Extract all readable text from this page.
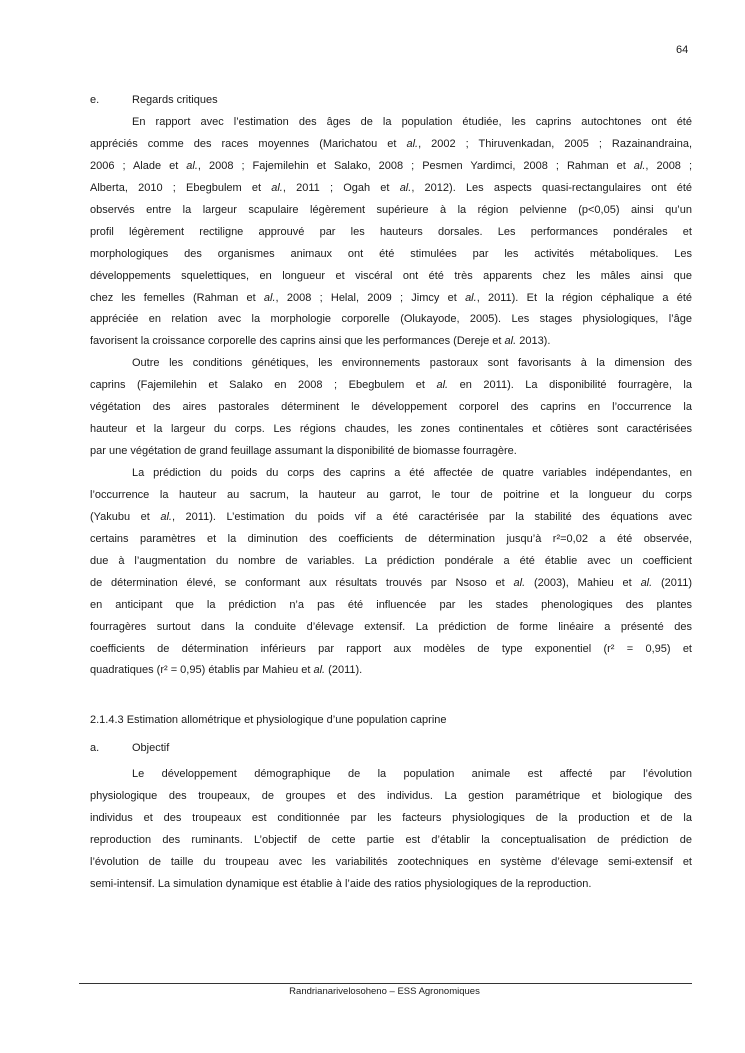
64
e.	Regards critiques
En rapport avec l’estimation des âges de la population étudiée, les caprins autochtones ont été
appréciés comme des races moyennes (Marichatou et al., 2002 ; Thiruvenkadan, 2005 ; Razainandraina,
2006 ; Alade et al., 2008 ; Fajemilehin et Salako, 2008 ; Pesmen Yardimci, 2008 ; Rahman et al., 2008 ;
Alberta, 2010 ; Ebegbulem et al., 2011 ; Ogah et al., 2012). Les aspects quasi-rectangulaires ont été
observés entre la largeur scapulaire légèrement supérieure à la région pelvienne (p<0,05) ainsi qu’un
profil légèrement rectiligne approuvé par les hauteurs dorsales. Les performances pondérales et
morphologiques des organismes animaux ont été stimulées par les activités métaboliques. Les
développements squelettiques, en longueur et viscéral ont été très apparents chez les mâles ainsi que
chez les femelles (Rahman et al., 2008 ; Helal, 2009 ; Jimcy et al., 2011). Et la région céphalique a été
appréciée en relation avec la morphologie corporelle (Olukayode, 2005). Les stages physiologiques, l’âge
favorisent la croissance corporelle des caprins ainsi que les performances (Dereje et al. 2013).
Outre les conditions génétiques, les environnements pastoraux sont favorisants à la dimension des
caprins (Fajemilehin et Salako en 2008 ; Ebegbulem et al. en 2011). La disponibilité fourragère, la
végétation des aires pastorales déterminent le développement corporel des caprins en l’occurrence la
hauteur et la largeur du corps. Les régions chaudes, les zones continentales et côtières sont caractérisées
par une végétation de grand feuillage assumant la disponibilité de biomasse fourragère.
La prédiction du poids du corps des caprins a été affectée de quatre variables indépendantes, en
l’occurrence la hauteur au sacrum, la hauteur au garrot, le tour de poitrine et la longueur du corps
(Yakubu et al., 2011). L’estimation du poids vif a été caractérisée par la stabilité des équations avec
certains paramètres et la diminution des coefficients de détermination jusqu’à r²=0,02 a été observée,
due à l’augmentation du nombre de variables. La prédiction pondérale a été établie avec un coefficient
de détermination élevé, se conformant aux résultats trouvés par Nsoso et al. (2003), Mahieu et al. (2011)
en anticipant que la prédiction n’a pas été influencée par les stades phenologiques des plantes
fourragères surtout dans la conduite d’élevage extensif. La prédiction de forme linéaire a présenté des
coefficients de détermination inférieurs par rapport aux modèles de type exponentiel (r² = 0,95) et
quadratiques (r² = 0,95) établis par Mahieu et al. (2011).
2.1.4.3 Estimation allométrique et physiologique d’une population caprine
a.	Objectif
Le développement démographique de la population animale est affecté par l’évolution
physiologique des troupeaux, de groupes et des individus. La gestion paramétrique et biologique des
individus et des troupeaux est conditionnée par les facteurs physiologiques de la production et de la
reproduction des ruminants. L’objectif de cette partie est d’établir la conceptualisation de prédiction de
l’évolution de taille du troupeau avec les variabilités zootechniques en système d’élevage semi-extensif et
semi-intensif. La simulation dynamique est établie à l’aide des ratios physiologiques de la reproduction.
Randrianarivelosoheno – ESS Agronomiques
